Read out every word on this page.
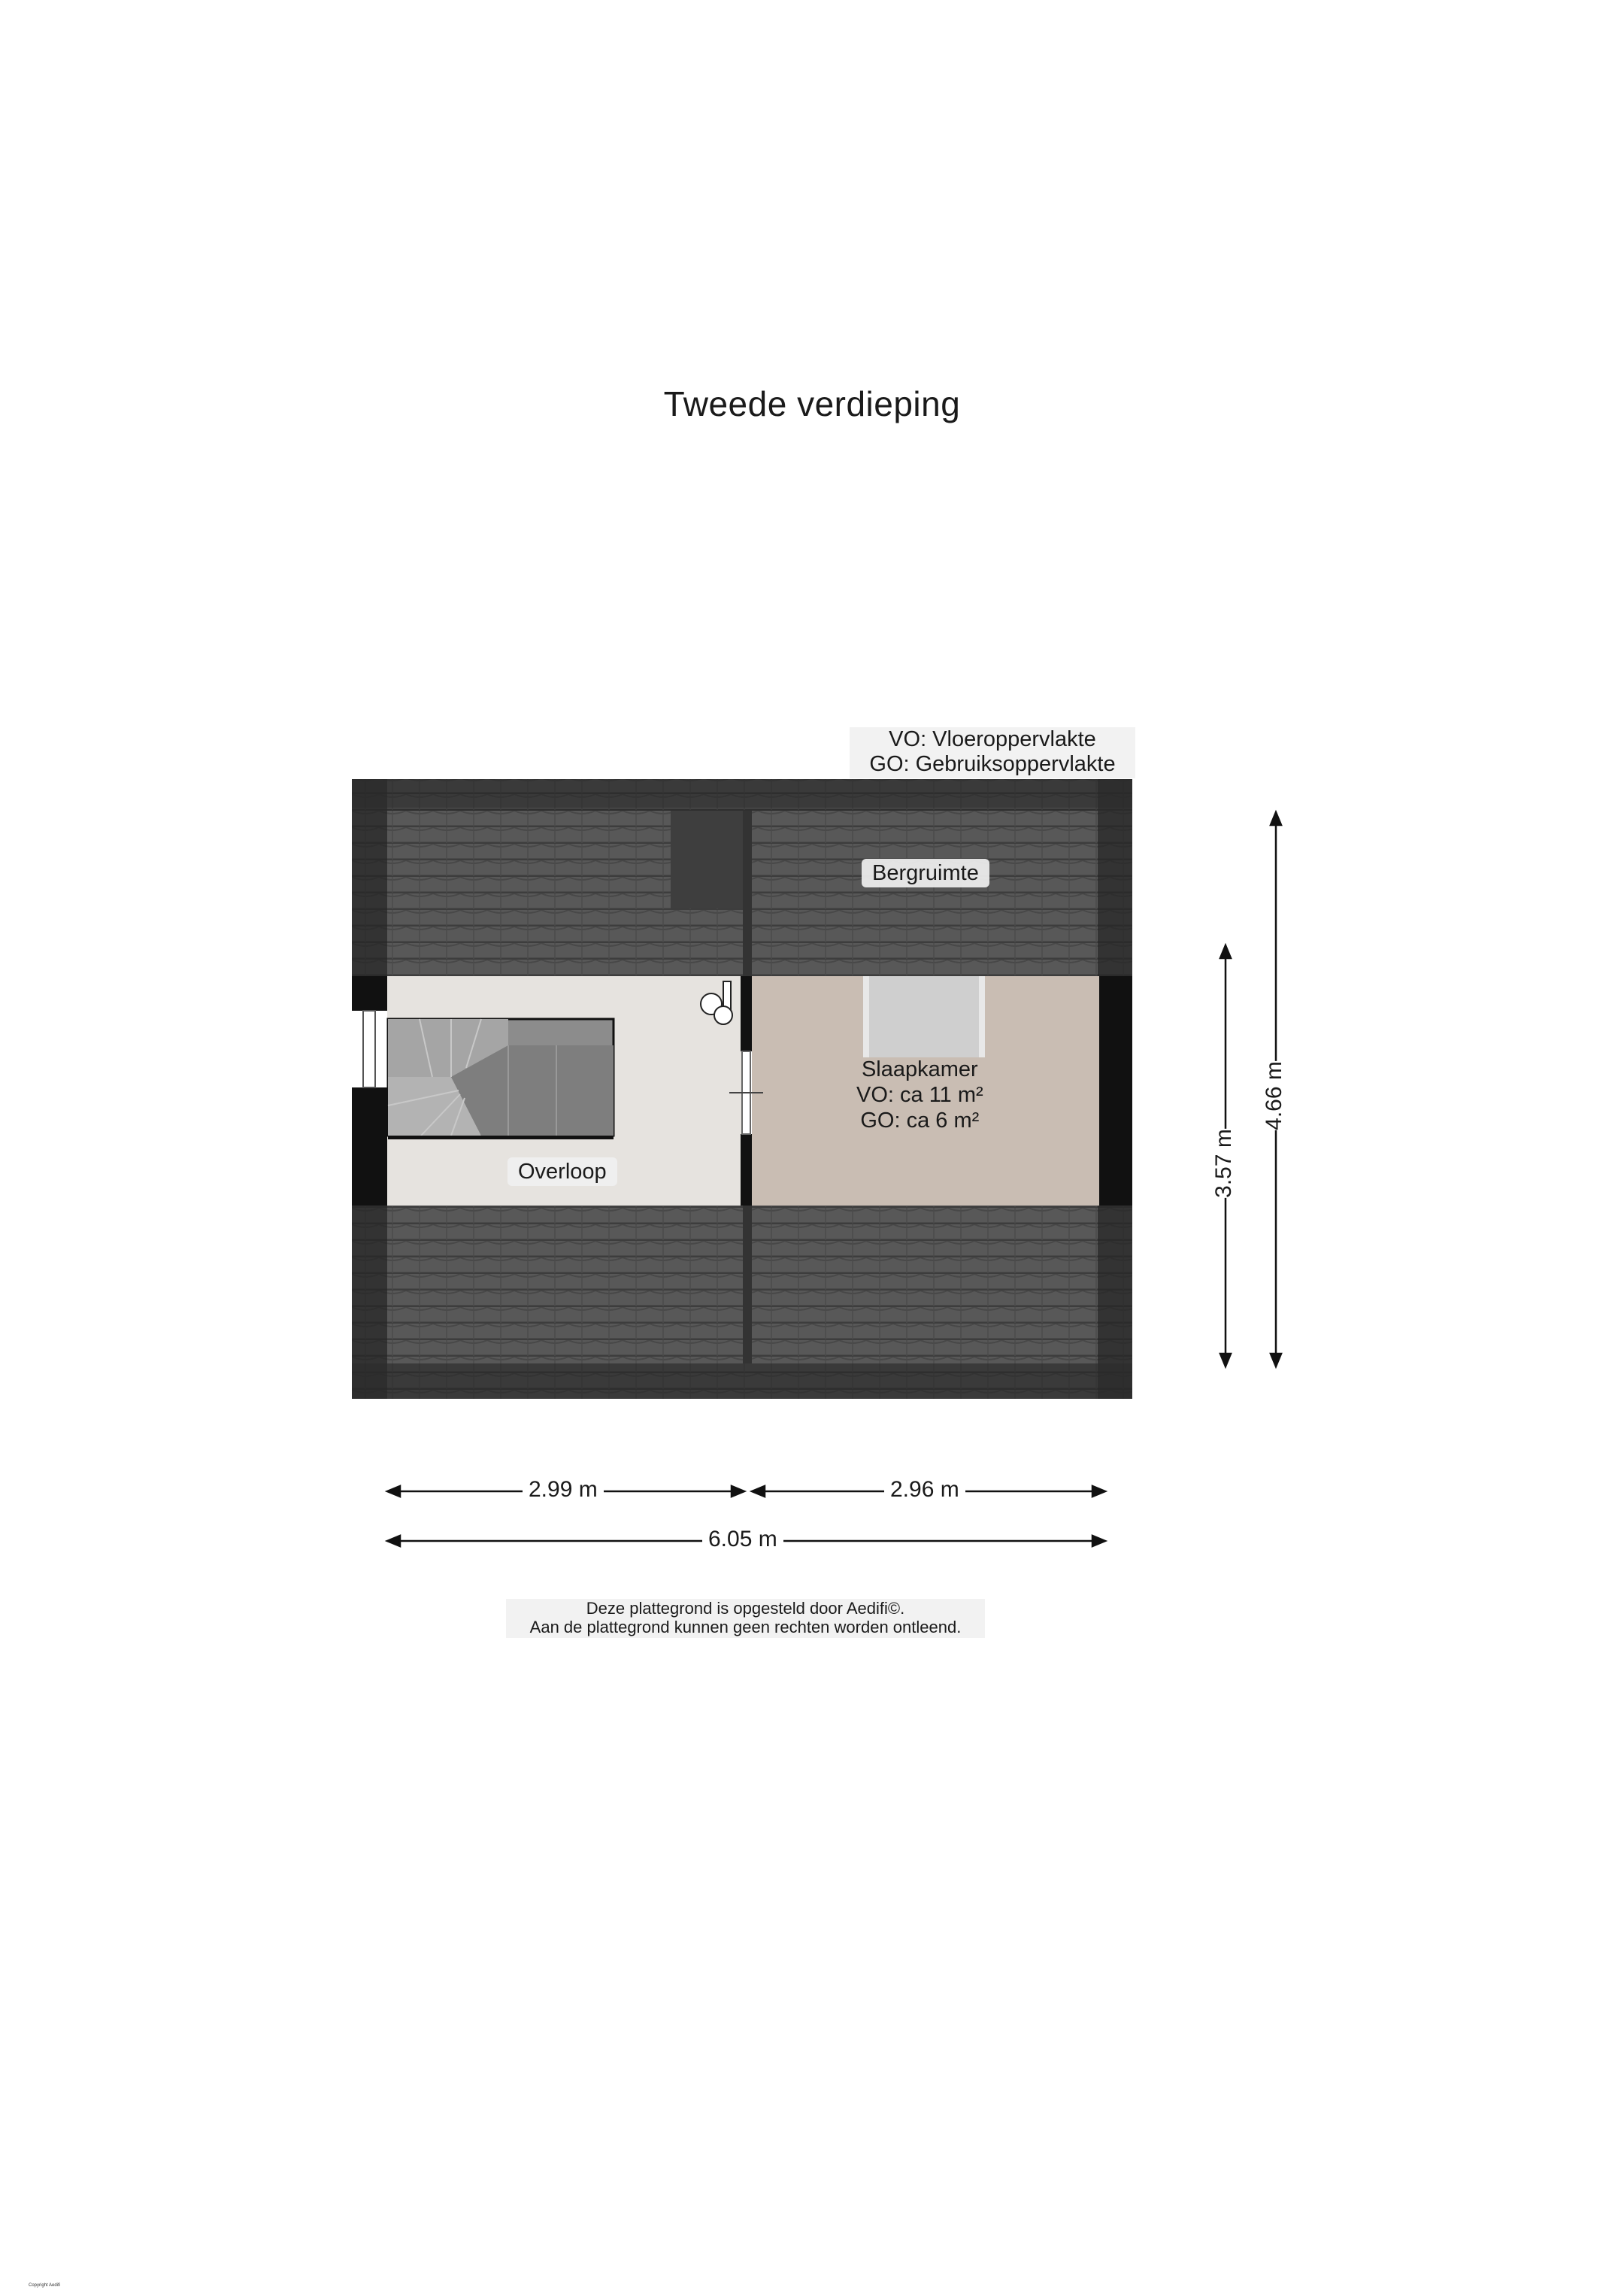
Tweede verdieping
VO: Vloeroppervlakte
GO: Gebruiksoppervlakte
Bergruimte
Slaapkamer
VO: ca 11 m²
GO: ca 6 m²
Overloop
2.99 m	2.96 m
6.05 m
3.57 m
4.66 m
Deze plattegrond is opgesteld door Aedifi©.
Aan de plattegrond kunnen geen rechten worden ontleend.
Copyright Aedifi
